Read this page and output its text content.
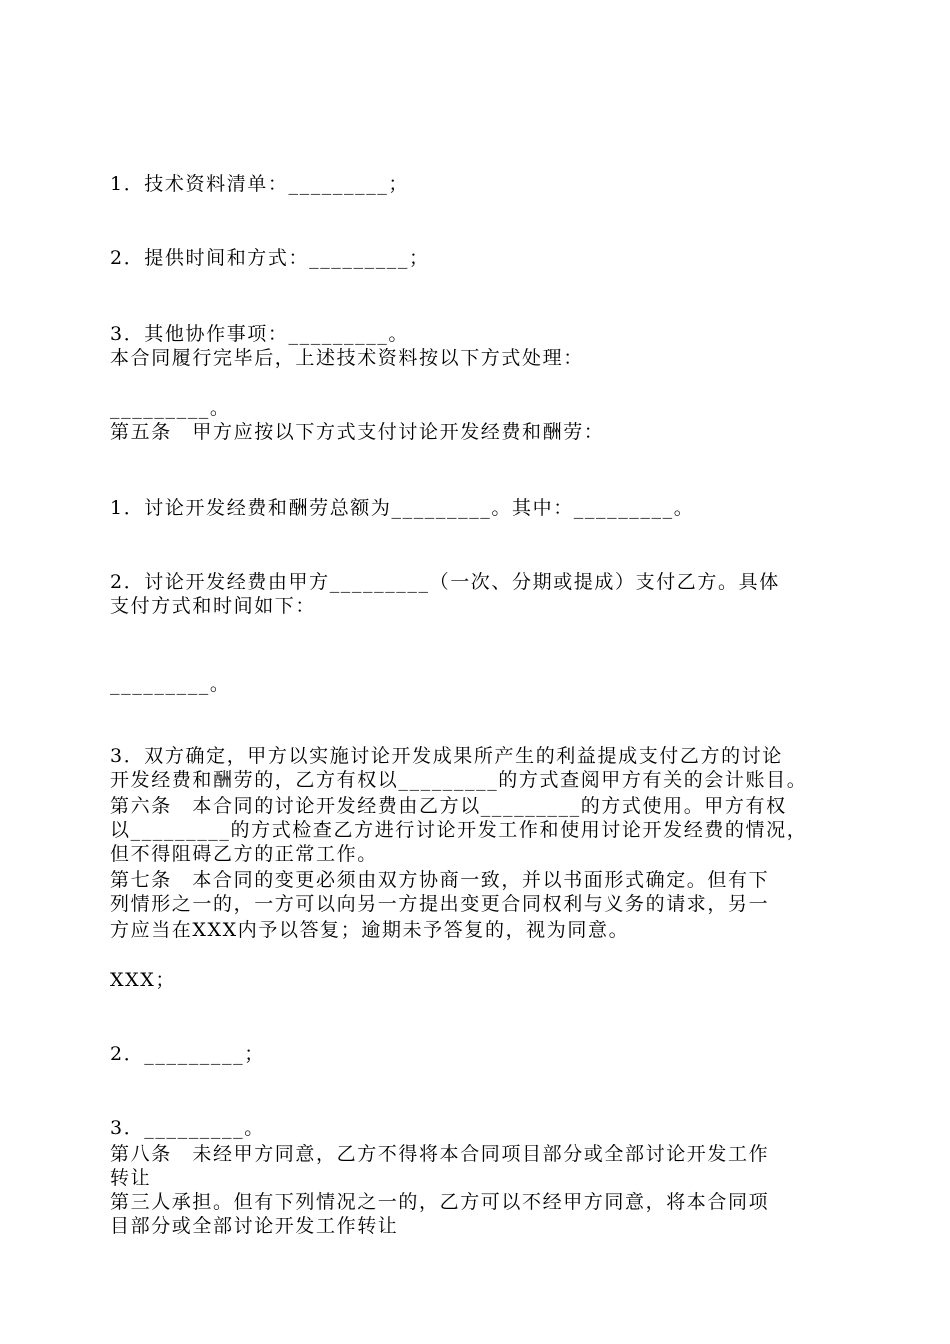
1．技术资料清单：_________；
2．提供时间和方式：_________；
3．其他协作事项：_________。
本合同履行完毕后，上述技术资料按以下方式处理：
_________。
第五条　甲方应按以下方式支付讨论开发经费和酬劳：
1．讨论开发经费和酬劳总额为_________。其中：_________。
2．讨论开发经费由甲方_________（一次、分期或提成）支付乙方。具体
支付方式和时间如下：
_________。
3．双方确定，甲方以实施讨论开发成果所产生的利益提成支付乙方的讨论
开发经费和酬劳的，乙方有权以_________的方式查阅甲方有关的会计账目。
第六条　本合同的讨论开发经费由乙方以_________的方式使用。甲方有权
以_________的方式检查乙方进行讨论开发工作和使用讨论开发经费的情况，
但不得阻碍乙方的正常工作。
第七条　本合同的变更必须由双方协商一致，并以书面形式确定。但有下
列情形之一的，一方可以向另一方提出变更合同权利与义务的请求，另一
方应当在XXX内予以答复；逾期未予答复的，视为同意。
XXX；
2．_________；
3．_________。
第八条　未经甲方同意，乙方不得将本合同项目部分或全部讨论开发工作
转让
第三人承担。但有下列情况之一的，乙方可以不经甲方同意，将本合同项
目部分或全部讨论开发工作转让
